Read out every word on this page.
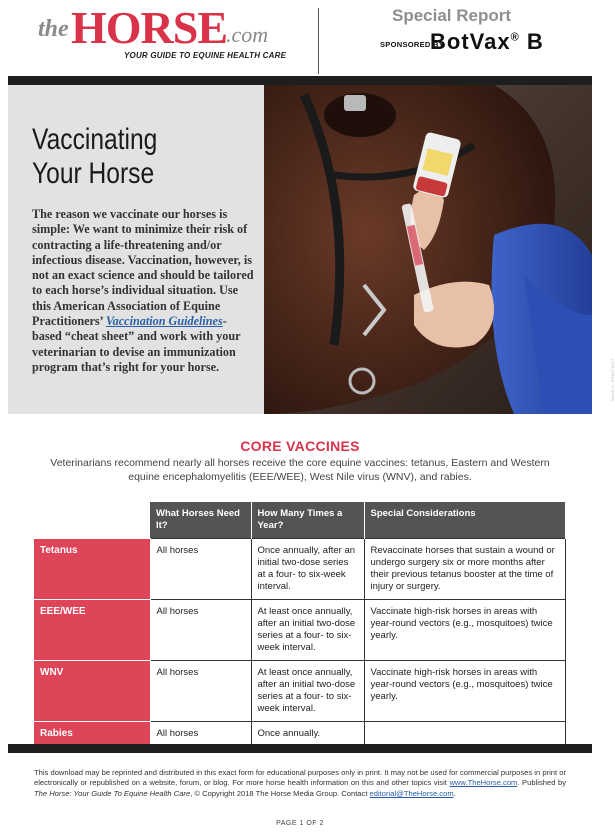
the HORSE
.com
YOUR GUIDE TO EQUINE HEALTH CARE
Special Report
SPONSORED BY
BotVax® B
Vaccinating
Your Horse
The reason we vaccinate our horses is simple: We want to minimize their risk of contracting a life-threatening and/or infectious disease. Vaccination, however, is not an exact science and should be tailored to each horse’s individual situation. Use this American Association of Equine Practitioners’ Vaccination Guidelines-based “cheat sheet” and work with your veterinarian to devise an immunization program that’s right for your horse.	MAVE N. ERIKSTADT
CORE VACCINES
Veterinarians recommend nearly all horses receive the core equine vaccines: tetanus, Eastern and Western equine encephalomyelitis (EEE/WEE), West Nile virus (WNV), and rabies.
	What Horses Need It?	How Many Times a Year?	Special Considerations
Tetanus	All horses	Once annually, after an initial two-dose series at a four- to six-week interval.	Revaccinate horses that sustain a wound or undergo surgery six or more months after their previous tetanus booster at the time of injury or surgery.
EEE/WEE	All horses	At least once annually, after an initial two-dose series at a four- to six-week interval.	Vaccinate high-risk horses in areas with year-round vectors (e.g., mosquitoes) twice yearly.
WNV	All horses	At least once annually, after an initial two-dose series at a four- to six-week interval.	Vaccinate high-risk horses in areas with year-round vectors (e.g., mosquitoes) twice yearly.
Rabies	All horses	Once annually.	
This download may be reprinted and distributed in this exact form for educational purposes only in print. It may not be used for commercial purposes in print or electronically or republished on a website, forum, or blog. For more horse health information on this and other topics visit www.TheHorse.com. Published by The Horse: Your Guide To Equine Health Care, © Copyright 2018 The Horse Media Group. Contact editorial@TheHorse.com.
PAGE 1 OF 2
